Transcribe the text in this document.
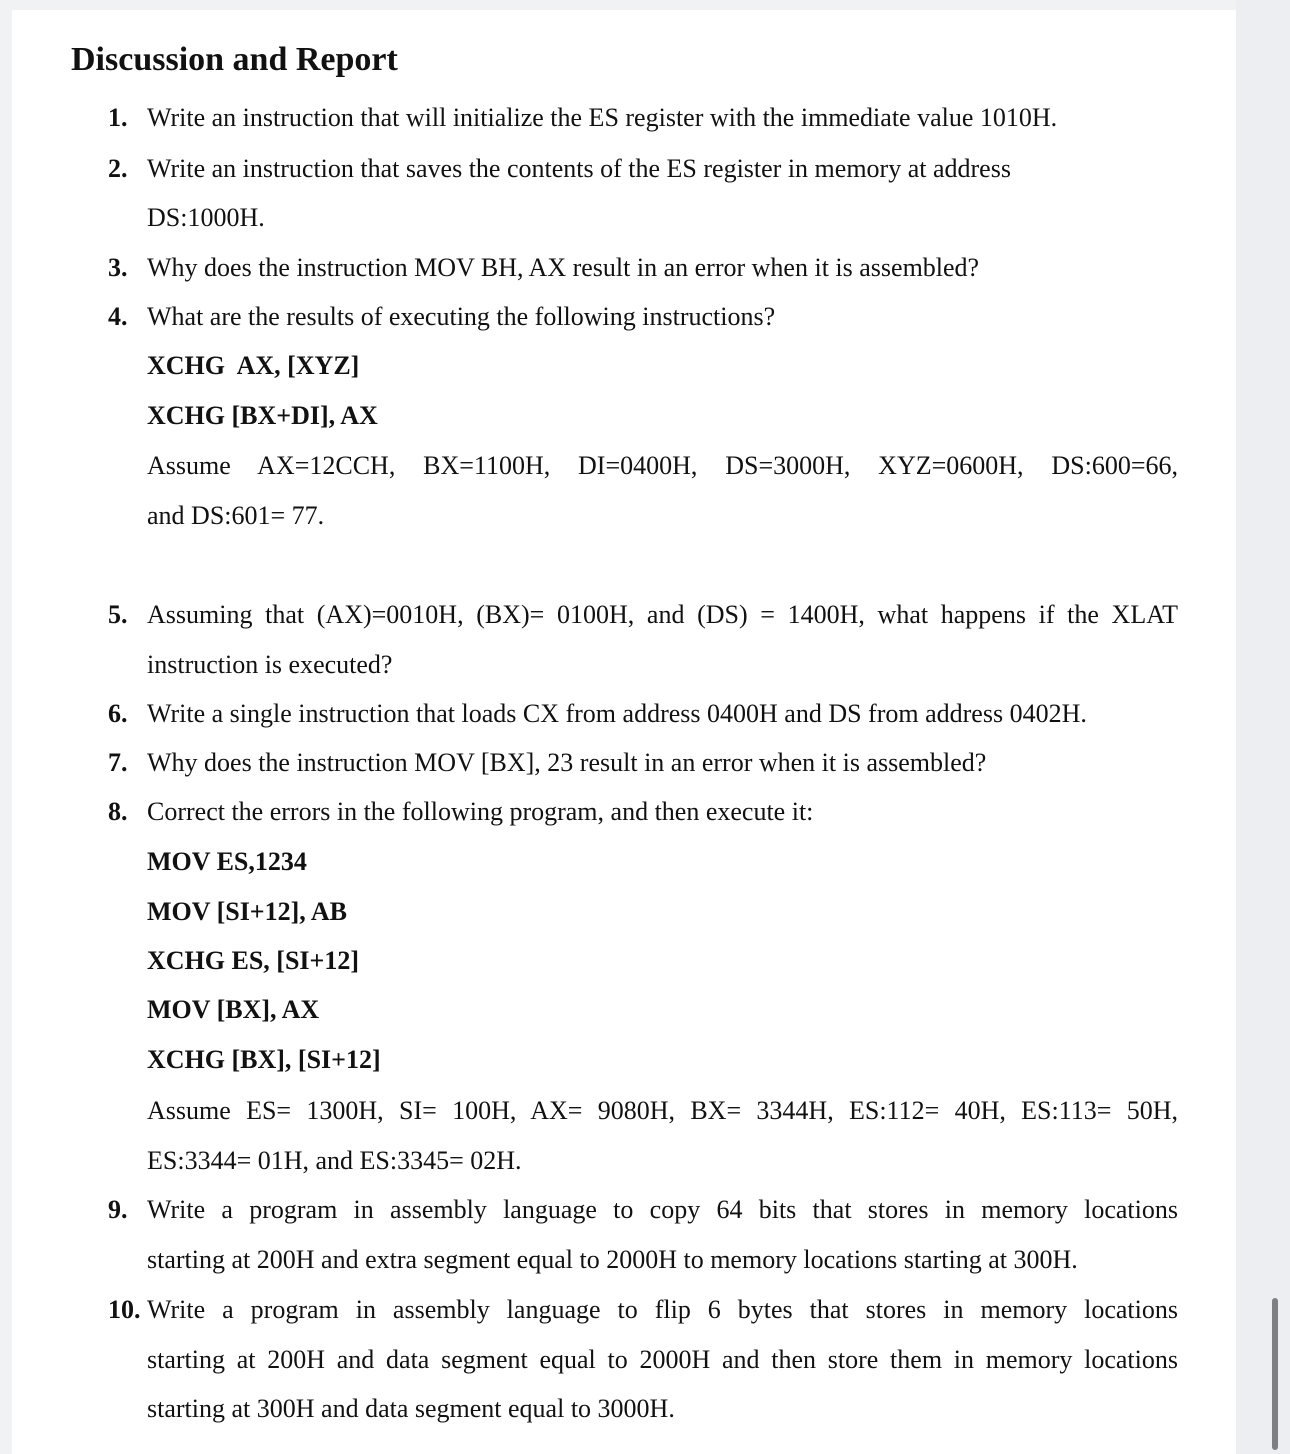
Discussion and Report
1. Write an instruction that will initialize the ES register with the immediate value 1010H.
2. Write an instruction that saves the contents of the ES register in memory at address
DS:1000H.
3. Why does the instruction MOV BH, AX result in an error when it is assembled?
4. What are the results of executing the following instructions?
XCHG  AX, [XYZ]
XCHG [BX+DI], AX
Assume AX=12CCH, BX=1100H, DI=0400H, DS=3000H, XYZ=0600H, DS:600=66,
and DS:601= 77.
5. Assuming that (AX)=0010H, (BX)= 0100H, and (DS) = 1400H, what happens if the XLAT
instruction is executed?
6. Write a single instruction that loads CX from address 0400H and DS from address 0402H.
7. Why does the instruction MOV [BX], 23 result in an error when it is assembled?
8. Correct the errors in the following program, and then execute it:
MOV ES,1234
MOV [SI+12], AB
XCHG ES, [SI+12]
MOV [BX], AX
XCHG [BX], [SI+12]
Assume ES= 1300H, SI= 100H, AX= 9080H, BX= 3344H, ES:112= 40H, ES:113= 50H,
ES:3344= 01H, and ES:3345= 02H.
9. Write a program in assembly language to copy 64 bits that stores in memory locations
starting at 200H and extra segment equal to 2000H to memory locations starting at 300H.
10. Write a program in assembly language to flip 6 bytes that stores in memory locations
starting at 200H and data segment equal to 2000H and then store them in memory locations
starting at 300H and data segment equal to 3000H.
